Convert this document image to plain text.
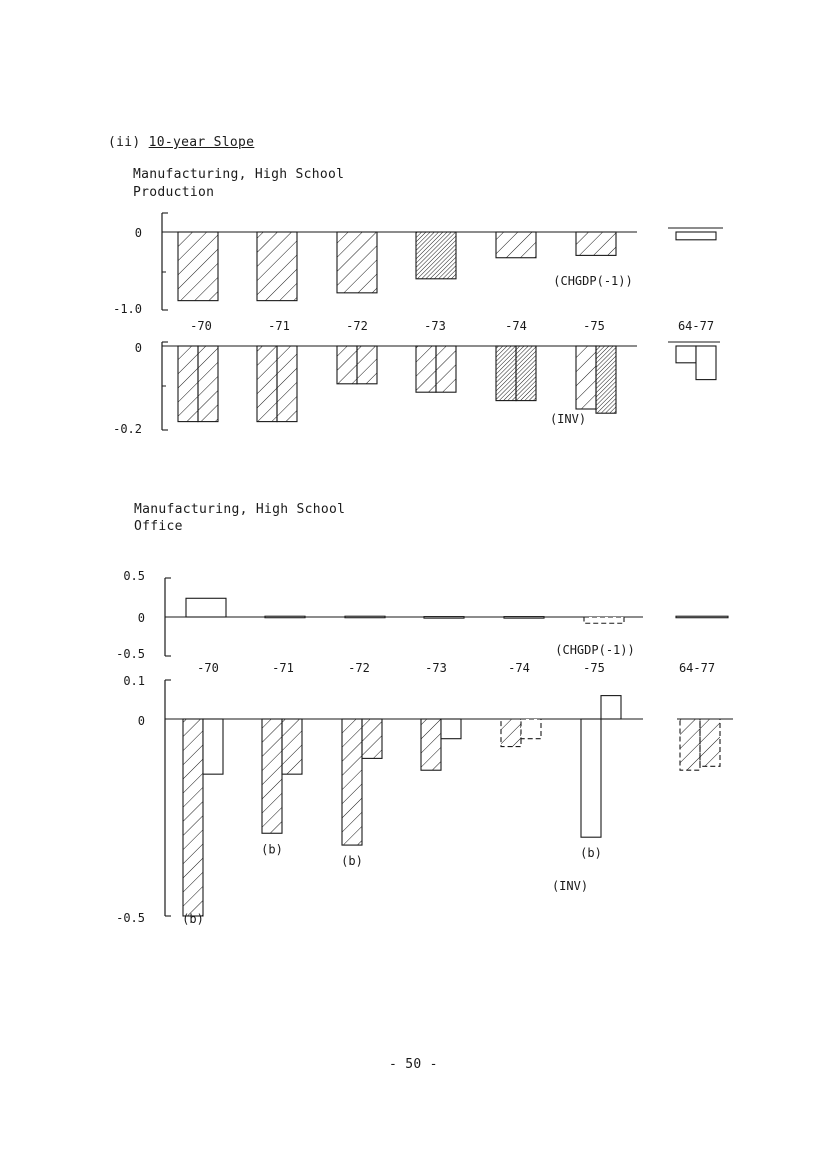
(ii) 10-year Slope
Manufacturing, High School
Production
Manufacturing, High School
Office
- 50 -
0
-1.0
(CHGDP(-1))
-70	-71	-72	-73	-74	-75	64-77
0
-0.2
(INV)
0.5
0
-0.5	(CHGDP(-1))
-70	-71	-72	-73	-74	-75	64-77
0.1
0
-0.5
(INV)
(b)
(b)
(b)
(b)
